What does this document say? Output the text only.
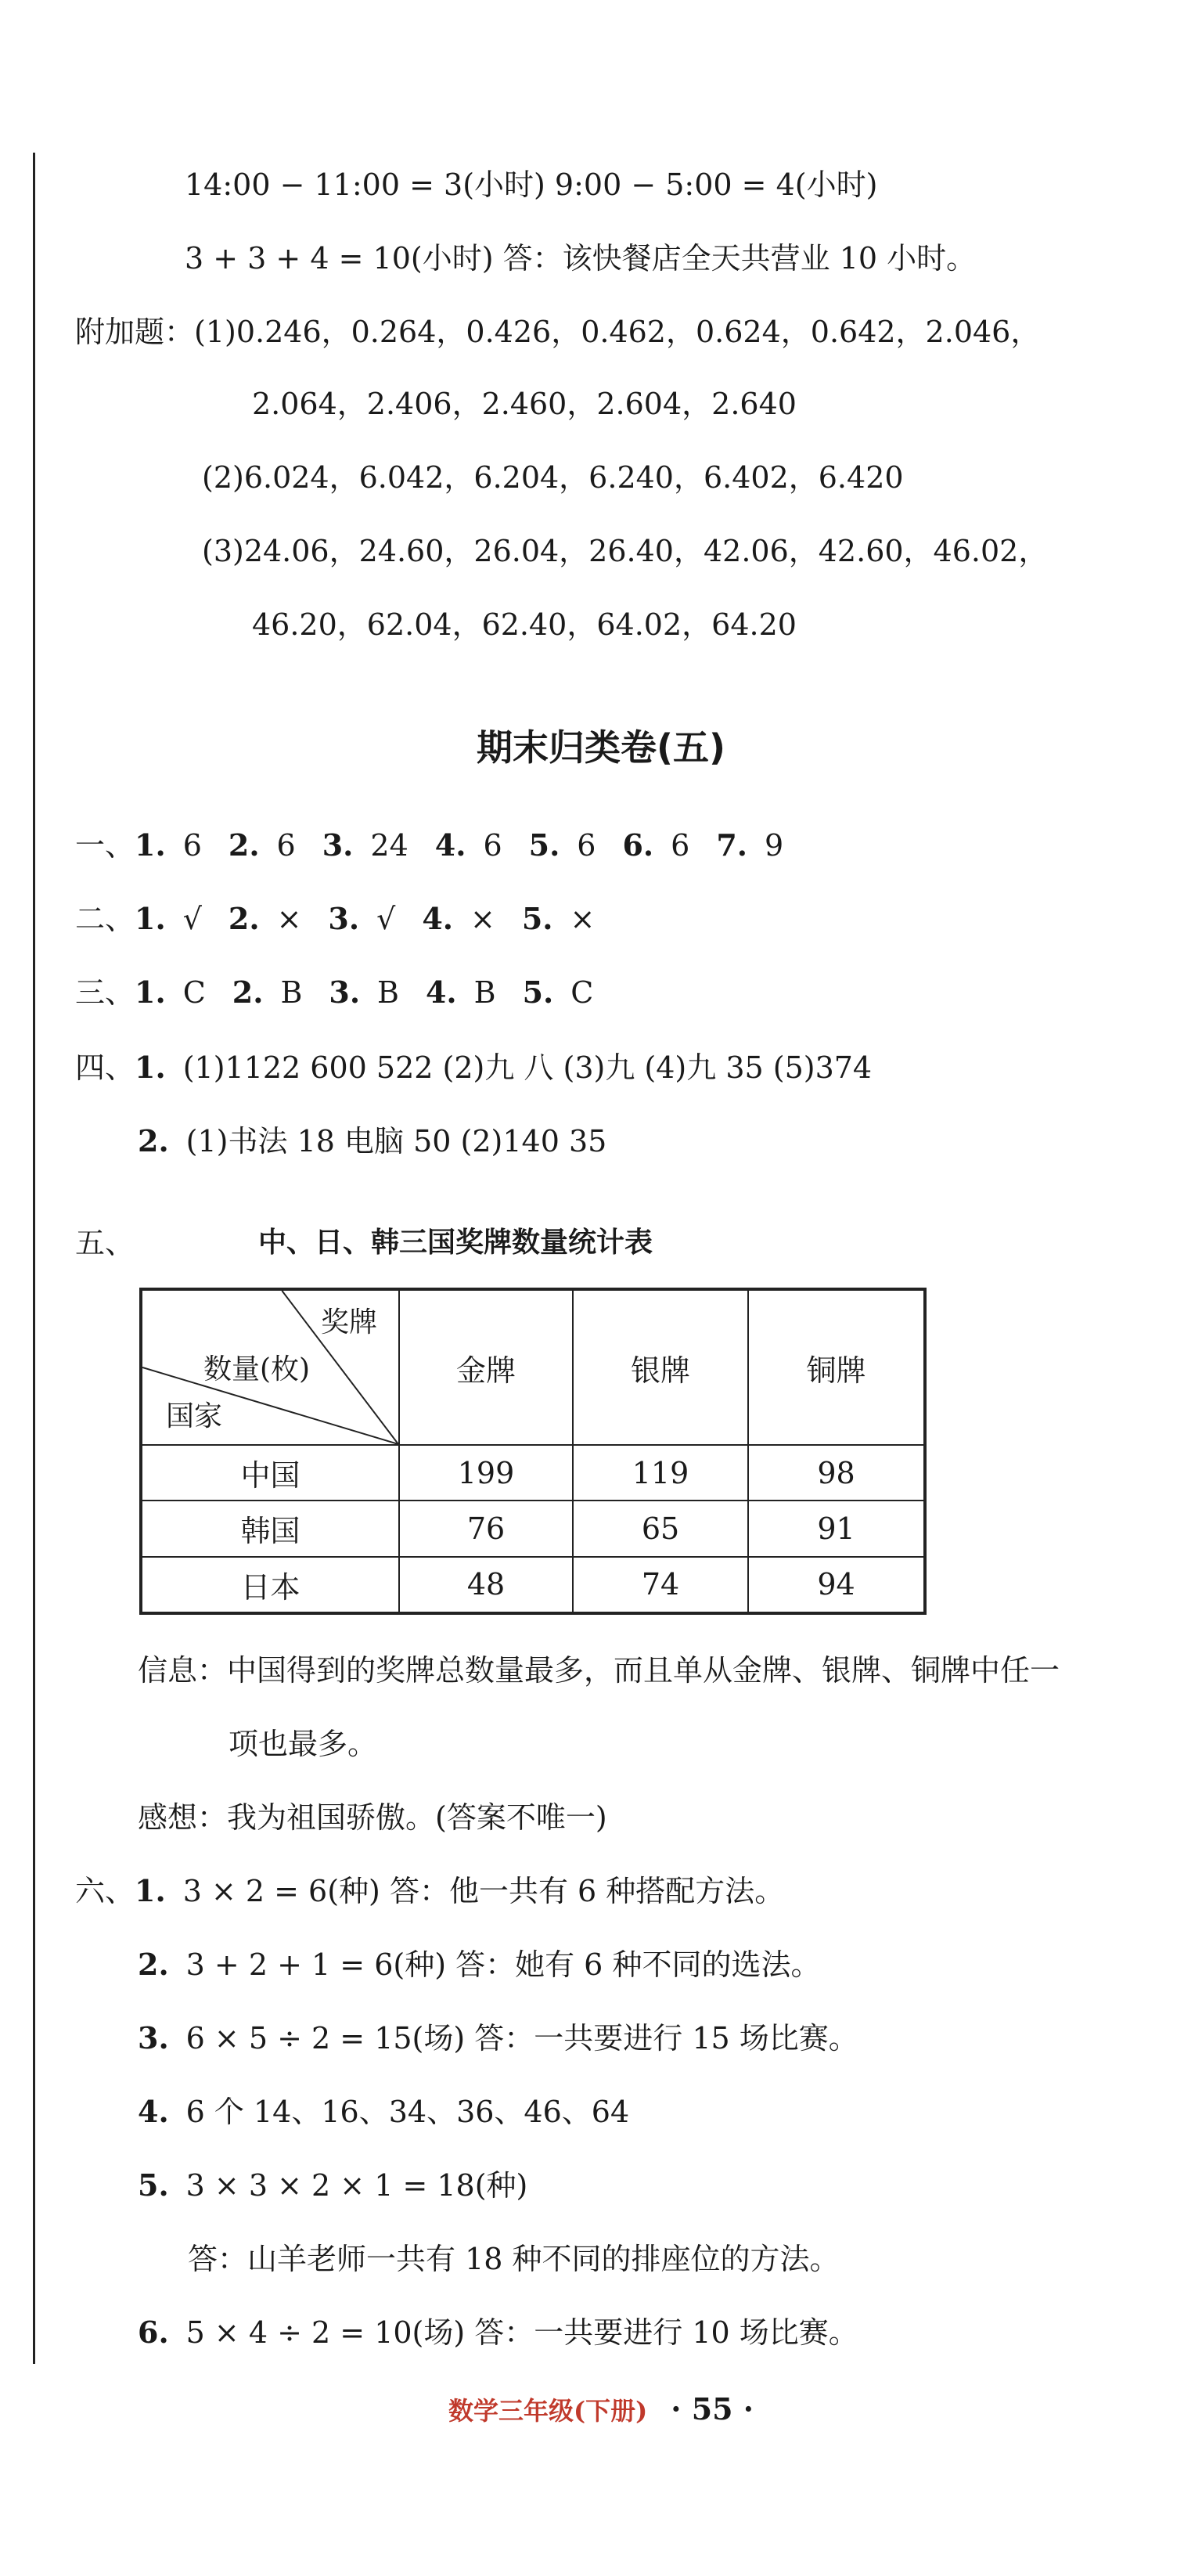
14:00 − 11:00 = 3(小时) 9:00 − 5:00 = 4(小时)
3 + 3 + 4 = 10(小时) 答：该快餐店全天共营业 10 小时。
附加题：(1)0.246，0.264，0.426，0.462，0.624，0.642，2.046，
2.064，2.406，2.460，2.604，2.640
(2)6.024，6.042，6.204，6.240，6.402，6.420
(3)24.06，24.60，26.04，26.40，42.06，42.60，46.02，
46.20，62.04，62.40，64.02，64.20
期末归类卷(五)
一、1. 6 2. 6 3. 24 4. 6 5. 6 6. 6 7. 9
二、1. √ 2. × 3. √ 4. × 5. ×
三、1. C 2. B 3. B 4. B 5. C
四、1. (1)1122 600 522 (2)九 八 (3)九 (4)九 35 (5)374
2. (1)书法 18 电脑 50 (2)140 35
五、	中、日、韩三国奖牌数量统计表
奖牌
数量(枚)
国家	金牌	银牌	铜牌
中国	199	119	98
韩国	76	65	91
日本	48	74	94
信息：中国得到的奖牌总数量最多，而且单从金牌、银牌、铜牌中任一
项也最多。
感想：我为祖国骄傲。(答案不唯一)
六、1. 3 × 2 = 6(种) 答：他一共有 6 种搭配方法。
2. 3 + 2 + 1 = 6(种) 答：她有 6 种不同的选法。
3. 6 × 5 ÷ 2 = 15(场) 答：一共要进行 15 场比赛。
4. 6 个 14、16、34、36、46、64
5. 3 × 3 × 2 × 1 = 18(种)
答：山羊老师一共有 18 种不同的排座位的方法。
6. 5 × 4 ÷ 2 = 10(场) 答：一共要进行 10 场比赛。
数学三年级(下册) · 55 ·
